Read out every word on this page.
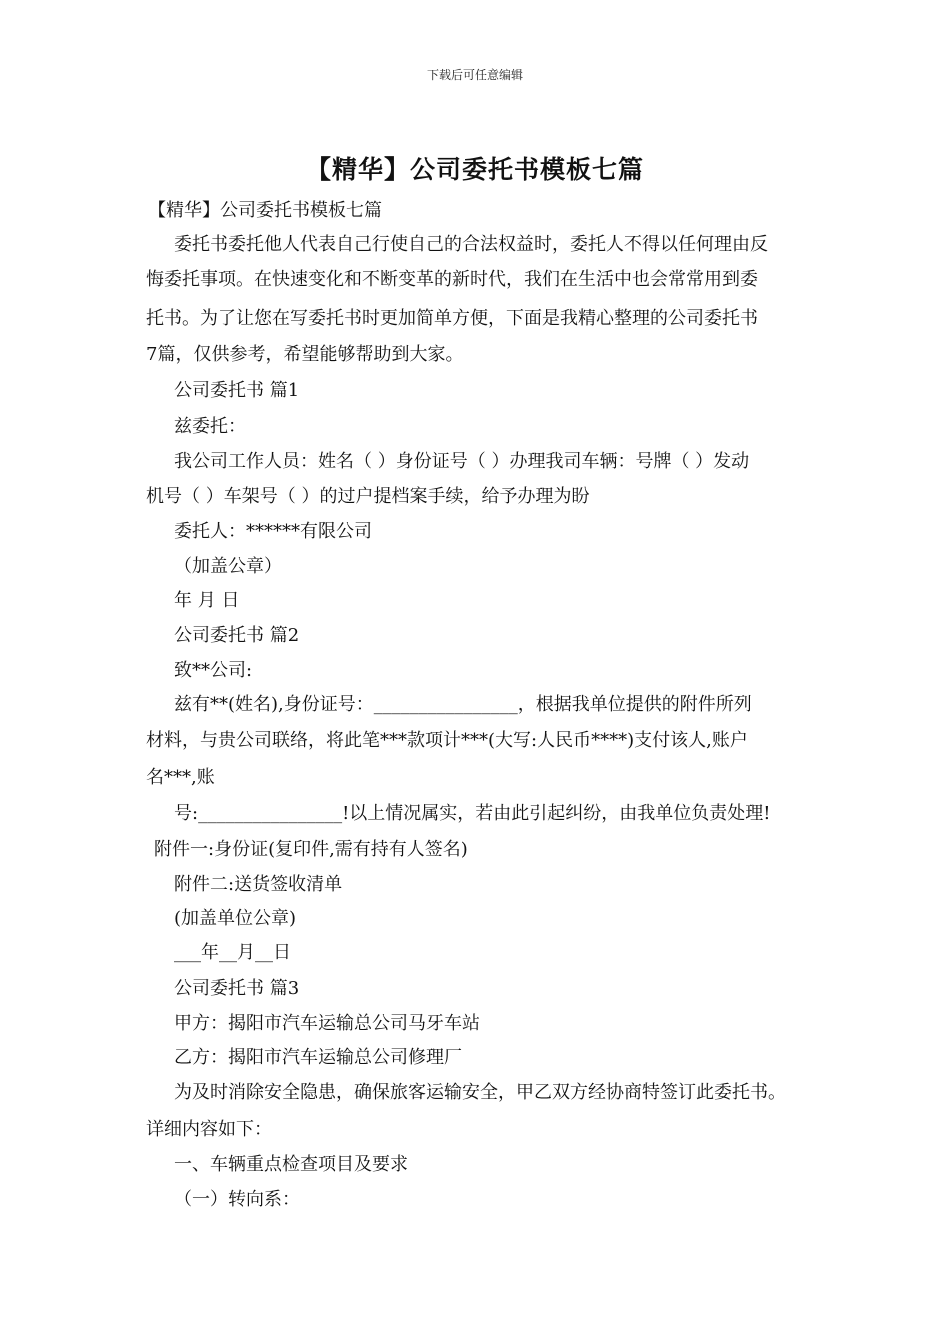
下载后可任意编辑
【精华】公司委托书模板七篇
【精华】公司委托书模板七篇
委托书委托他人代表自己行使自己的合法权益时，委托人不得以任何理由反
悔委托事项。在快速变化和不断变革的新时代，我们在生活中也会常常用到委
托书。为了让您在写委托书时更加简单方便，下面是我精心整理的公司委托书
7篇，仅供参考，希望能够帮助到大家。
公司委托书 篇1
兹委托：
我公司工作人员：姓名（ ）身份证号（ ）办理我司车辆：号牌（ ）发动
机号（ ）车架号（ ）的过户提档案手续，给予办理为盼
委托人：******有限公司
（加盖公章）
年 月 日
公司委托书 篇2
致**公司:
兹有**(姓名),身份证号：________________，根据我单位提供的附件所列
材料，与贵公司联络，将此笔***款项计***(大写:人民币****)支付该人,账户
名***,账
号:________________!以上情况属实，若由此引起纠纷，由我单位负责处理!
附件一:身份证(复印件,需有持有人签名)
附件二:送货签收清单
(加盖单位公章)
___年__月__日
公司委托书 篇3
甲方：揭阳市汽车运输总公司马牙车站
乙方：揭阳市汽车运输总公司修理厂
为及时消除安全隐患，确保旅客运输安全，甲乙双方经协商特签订此委托书。
详细内容如下：
一、车辆重点检查项目及要求
（一）转向系：
